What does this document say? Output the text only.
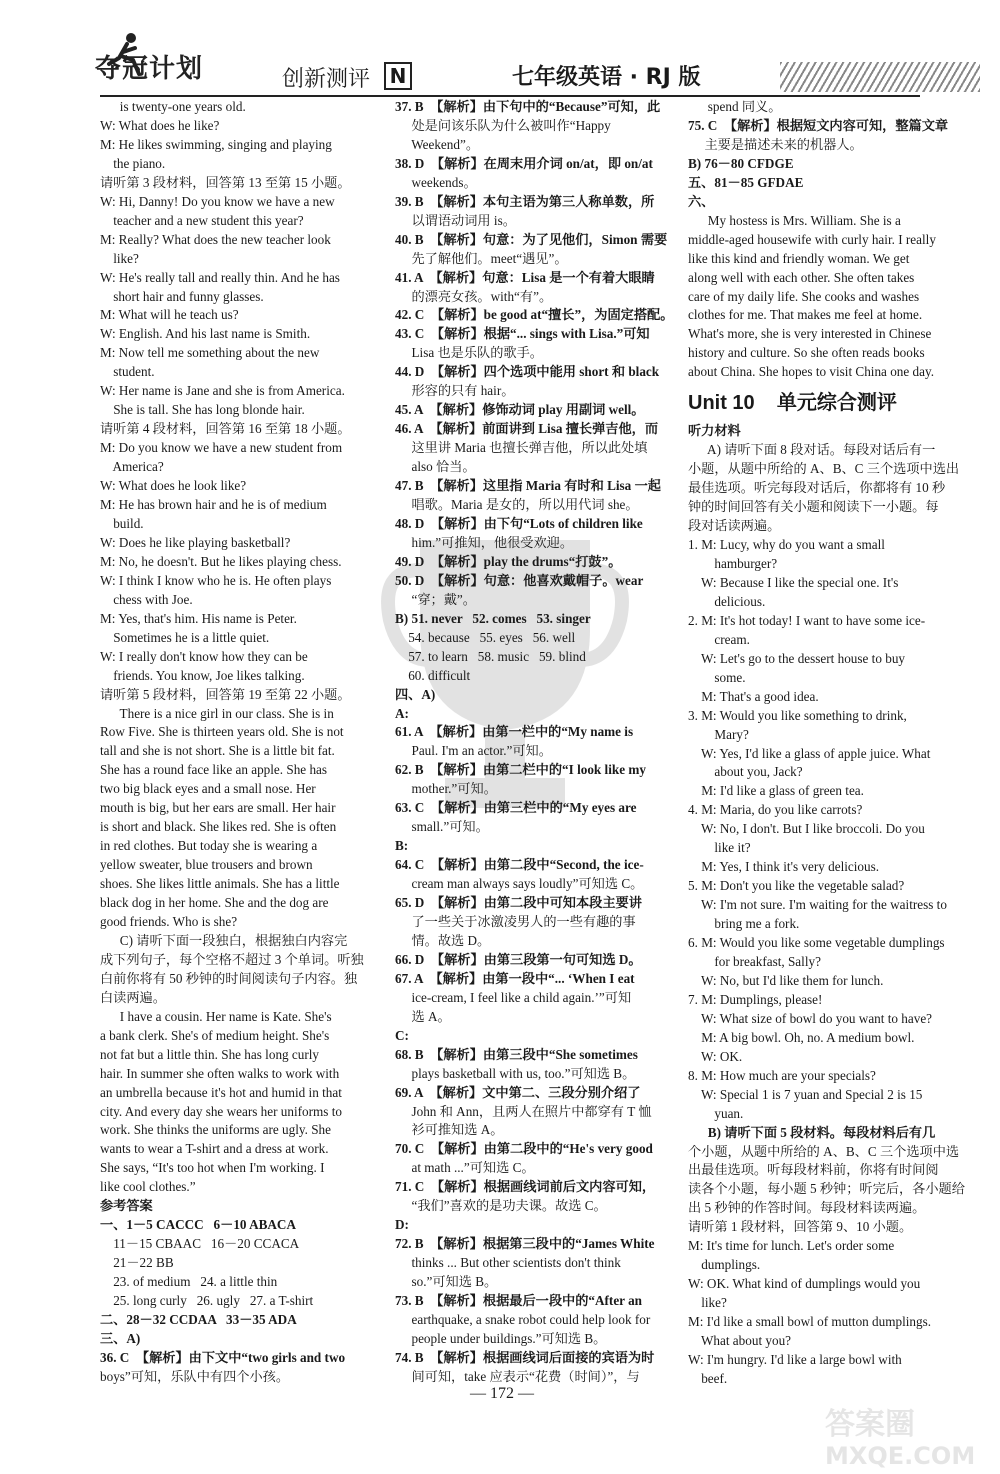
夺冠计划	创新测评 N	七年级英语 · RJ 版
is twenty-one years old.
W: What does he like?
M: He likes swimming, singing and playing
the piano.
请听第 3 段材料，回答第 13 至第 15 小题。
W: Hi, Danny! Do you know we have a new
teacher and a new student this year?
M: Really? What does the new teacher look
like?
W: He's really tall and really thin. And he has
short hair and funny glasses.
M: What will he teach us?
W: English. And his last name is Smith.
M: Now tell me something about the new
student.
W: Her name is Jane and she is from America.
She is tall. She has long blonde hair.
请听第 4 段材料，回答第 16 至第 18 小题。
M: Do you know we have a new student from
America?
W: What does he look like?
M: He has brown hair and he is of medium
build.
W: Does he like playing basketball?
M: No, he doesn't. But he likes playing chess.
W: I think I know who he is. He often plays
chess with Joe.
M: Yes, that's him. His name is Peter.
Sometimes he is a little quiet.
W: I really don't know how they can be
friends. You know, Joe likes talking.
请听第 5 段材料，回答第 19 至第 22 小题。
There is a nice girl in our class. She is in
Row Five. She is thirteen years old. She is not
tall and she is not short. She is a little bit fat.
She has a round face like an apple. She has
two big black eyes and a small nose. Her
mouth is big, but her ears are small. Her hair
is short and black. She likes red. She is often
in red clothes. But today she is wearing a
yellow sweater, blue trousers and brown
shoes. She likes little animals. She has a little
black dog in her home. She and the dog are
good friends. Who is she?
C) 请听下面一段独白，根据独白内容完
成下列句子，每个空格不超过 3 个单词。听独
白前你将有 50 秒钟的时间阅读句子内容。独
白读两遍。
I have a cousin. Her name is Kate. She's
a bank clerk. She's of medium height. She's
not fat but a little thin. She has long curly
hair. In summer she often walks to work with
an umbrella because it's hot and humid in that
city. And every day she wears her uniforms to
work. She thinks the uniforms are ugly. She
wants to wear a T-shirt and a dress at work.
She says, “It's too hot when I'm working. I
like cool clothes.”
参考答案
一、1－5 CACCC   6－10 ABACA
11－15 CBAAC   16－20 CCACA
21－22 BB
23. of medium   24. a little thin
25. long curly   26. ugly   27. a T-shirt
二、28－32 CCDAA   33－35 ADA
三、A)
36. C  【解析】由下文中“two girls and two
boys”可知，乐队中有四个小孩。
37. B  【解析】由下句中的“Because”可知，此
处是问该乐队为什么被叫作“Happy
Weekend”。
38. D  【解析】在周末用介词 on/at，即 on/at
weekends。
39. B  【解析】本句主语为第三人称单数，所
以谓语动词用 is。
40. B  【解析】句意：为了见他们，Simon 需要
先了解他们。meet“遇见”。
41. A  【解析】句意：Lisa 是一个有着大眼睛
的漂亮女孩。with“有”。
42. C  【解析】be good at“擅长”，为固定搭配。
43. C  【解析】根据“... sings with Lisa.”可知
Lisa 也是乐队的歌手。
44. D  【解析】四个选项中能用 short 和 black
形容的只有 hair。
45. A  【解析】修饰动词 play 用副词 well。
46. A  【解析】前面讲到 Lisa 擅长弹吉他，而
这里讲 Maria 也擅长弹吉他，所以此处填
also 恰当。
47. B  【解析】这里指 Maria 有时和 Lisa 一起
唱歌。Maria 是女的，所以用代词 she。
48. D  【解析】由下句“Lots of children like
him.”可推知，他很受欢迎。
49. D  【解析】play the drums“打鼓”。
50. D  【解析】句意：他喜欢戴帽子。wear
“穿；戴”。
B) 51. never   52. comes   53. singer
54. because   55. eyes   56. well
57. to learn   58. music   59. blind
60. difficult
四、A)
A:
61. A  【解析】由第一栏中的“My name is
Paul. I'm an actor.”可知。
62. B  【解析】由第二栏中的“I look like my
mother.”可知。
63. C  【解析】由第三栏中的“My eyes are
small.”可知。
B:
64. C  【解析】由第二段中“Second, the ice-
cream man always says loudly”可知选 C。
65. D  【解析】由第二段中可知本段主要讲
了一些关于冰激凌男人的一些有趣的事
情。故选 D。
66. D  【解析】由第三段第一句可知选 D。
67. A  【解析】由第一段中“... ‘When I eat
ice-cream, I feel like a child again.’”可知
选 A。
C:
68. B  【解析】由第三段中“She sometimes
plays basketball with us, too.”可知选 B。
69. A  【解析】文中第二、三段分别介绍了
John 和 Ann，且两人在照片中都穿有 T 恤
衫可推知选 A。
70. C  【解析】由第二段中的“He's very good
at math ...”可知选 C。
71. C  【解析】根据画线词前后文内容可知，
“我们”喜欢的是功夫课。故选 C。
D:
72. B  【解析】根据第三段中的“James White
thinks ... But other scientists don't think
so.”可知选 B。
73. B  【解析】根据最后一段中的“After an
earthquake, a snake robot could help look for
people under buildings.”可知选 B。
74. B  【解析】根据画线词后面接的宾语为时
间可知，take 应表示“花费（时间）”，与
spend 同义。
75. C  【解析】根据短文内容可知，整篇文章
主要是描述未来的机器人。
B) 76－80 CFDGE
五、81－85 GFDAE
六、
My hostess is Mrs. William. She is a
middle-aged housewife with curly hair. I really
like this kind and friendly woman. We get
along well with each other. She often takes
care of my daily life. She cooks and washes
clothes for me. That makes me feel at home.
What's more, she is very interested in Chinese
history and culture. So she often reads books
about China. She hopes to visit China one day.
Unit 10    单元综合测评
听力材料
A) 请听下面 8 段对话。每段对话后有一
小题，从题中所给的 A、B、C 三个选项中选出
最佳选项。听完每段对话后，你都将有 10 秒
钟的时间回答有关小题和阅读下一小题。每
段对话读两遍。
1. M: Lucy, why do you want a small
hamburger?
W: Because I like the special one. It's
delicious.
2. M: It's hot today! I want to have some ice-
cream.
W: Let's go to the dessert house to buy
some.
M: That's a good idea.
3. M: Would you like something to drink,
Mary?
W: Yes, I'd like a glass of apple juice. What
about you, Jack?
M: I'd like a glass of green tea.
4. M: Maria, do you like carrots?
W: No, I don't. But I like broccoli. Do you
like it?
M: Yes, I think it's very delicious.
5. M: Don't you like the vegetable salad?
W: I'm not sure. I'm waiting for the waitress to
bring me a fork.
6. M: Would you like some vegetable dumplings
for breakfast, Sally?
W: No, but I'd like them for lunch.
7. M: Dumplings, please!
W: What size of bowl do you want to have?
M: A big bowl. Oh, no. A medium bowl.
W: OK.
8. M: How much are your specials?
W: Special 1 is 7 yuan and Special 2 is 15
yuan.
B) 请听下面 5 段材料。每段材料后有几
个小题，从题中所给的 A、B、C 三个选项中选
出最佳选项。听每段材料前，你将有时间阅
读各个小题，每小题 5 秒钟；听完后，各小题给
出 5 秒钟的作答时间。每段材料读两遍。
请听第 1 段材料，回答第 9、10 小题。
M: It's time for lunch. Let's order some
dumplings.
W: OK. What kind of dumplings would you
like?
M: I'd like a small bowl of mutton dumplings.
What about you?
W: I'm hungry. I'd like a large bowl with
beef.
— 172 —
答案圈
MXQE.COM
